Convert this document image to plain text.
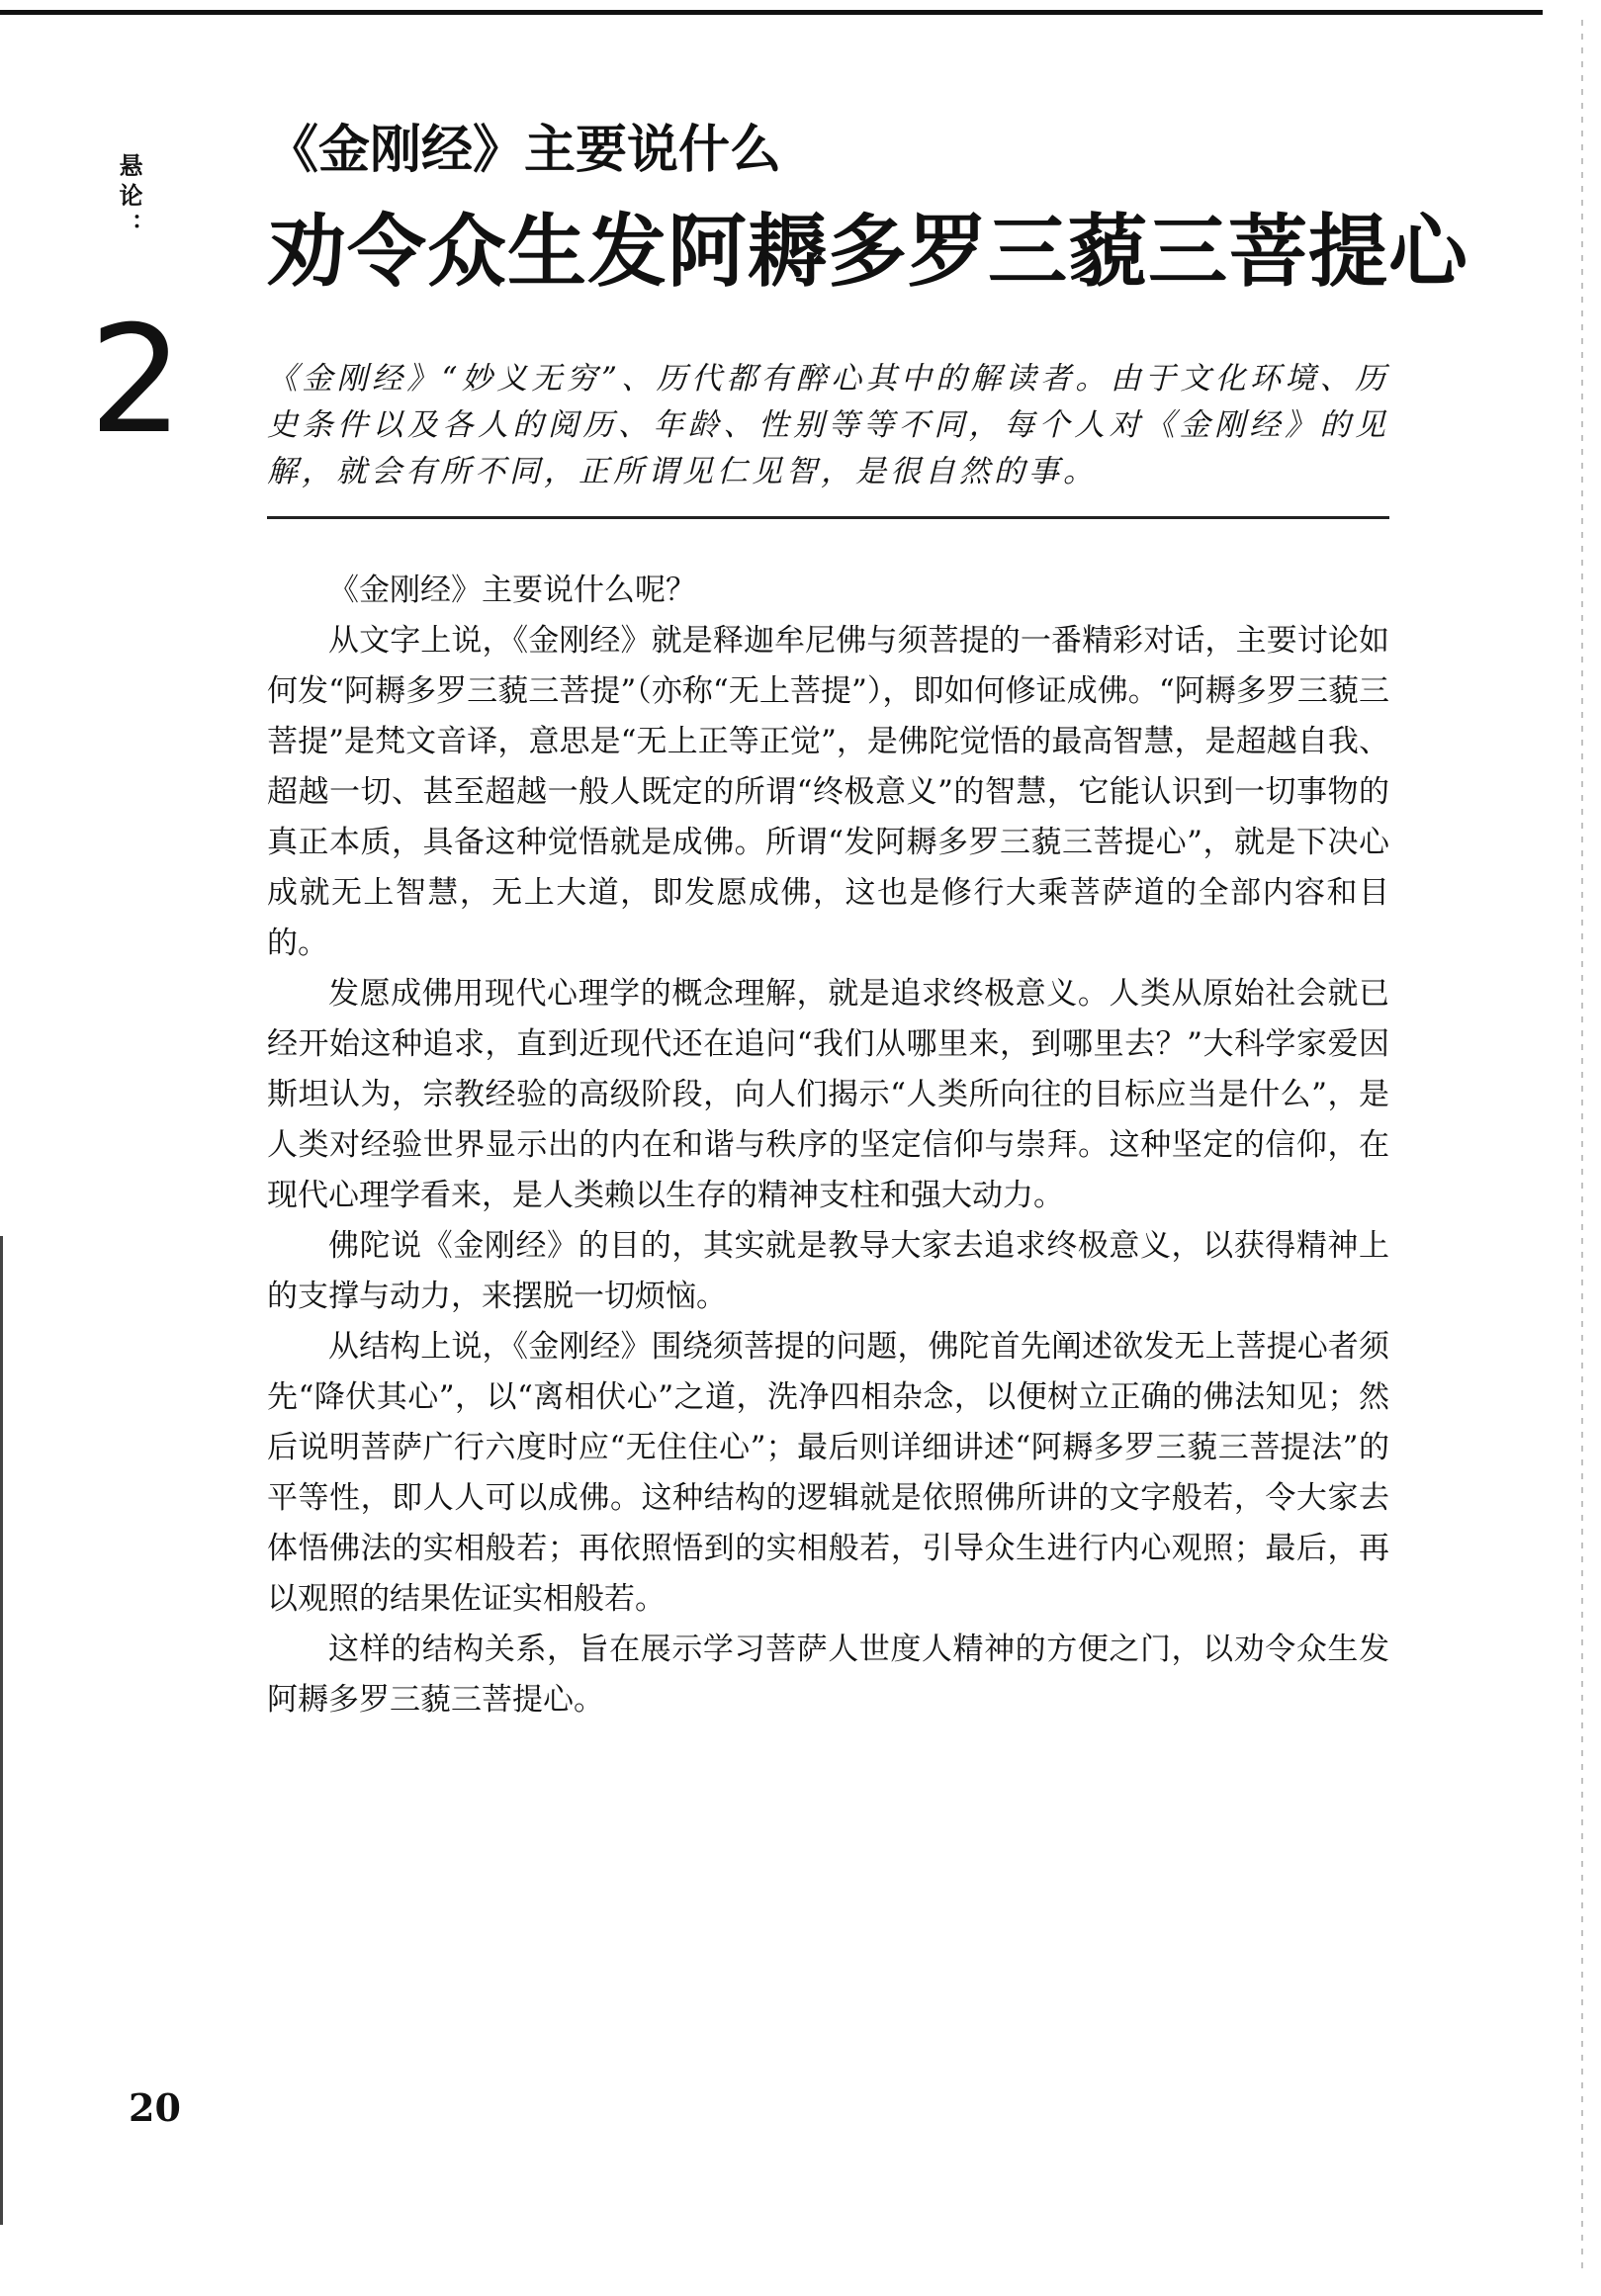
悬论：
2
《金刚经》主要说什么
劝令众生发阿耨多罗三藐三菩提心
《金刚经》“妙义无穷”、历代都有醉心其中的解读者。由于文化环境、历史条件以及各人的阅历、年龄、性别等等不同，每个人对《金刚经》的见解，就会有所不同，正所谓见仁见智，是很自然的事。

《金刚经》主要说什么呢？

从文字上说，《金刚经》就是释迦牟尼佛与须菩提的一番精彩对话，主要讨论如何发“阿耨多罗三藐三菩提”（亦称“无上菩提”），即如何修证成佛。“阿耨多罗三藐三菩提”是梵文音译，意思是“无上正等正觉”，是佛陀觉悟的最高智慧，是超越自我、超越一切、甚至超越一般人既定的所谓“终极意义”的智慧，它能认识到一切事物的真正本质，具备这种觉悟就是成佛。所谓“发阿耨多罗三藐三菩提心”，就是下决心成就无上智慧，无上大道，即发愿成佛，这也是修行大乘菩萨道的全部内容和目的。

发愿成佛用现代心理学的概念理解，就是追求终极意义。人类从原始社会就已经开始这种追求，直到近现代还在追问“我们从哪里来，到哪里去？”大科学家爱因斯坦认为，宗教经验的高级阶段，向人们揭示“人类所向往的目标应当是什么”，是人类对经验世界显示出的内在和谐与秩序的坚定信仰与崇拜。这种坚定的信仰，在现代心理学看来，是人类赖以生存的精神支柱和强大动力。

佛陀说《金刚经》的目的，其实就是教导大家去追求终极意义，以获得精神上的支撑与动力，来摆脱一切烦恼。

从结构上说，《金刚经》围绕须菩提的问题，佛陀首先阐述欲发无上菩提心者须先“降伏其心”，以“离相伏心”之道，洗净四相杂念，以便树立正确的佛法知见；然后说明菩萨广行六度时应“无住住心”；最后则详细讲述“阿耨多罗三藐三菩提法”的平等性，即人人可以成佛。这种结构的逻辑就是依照佛所讲的文字般若，令大家去体悟佛法的实相般若；再依照悟到的实相般若，引导众生进行内心观照；最后，再以观照的结果佐证实相般若。

这样的结构关系，旨在展示学习菩萨人世度人精神的方便之门，以劝令众生发阿耨多罗三藐三菩提心。

20
